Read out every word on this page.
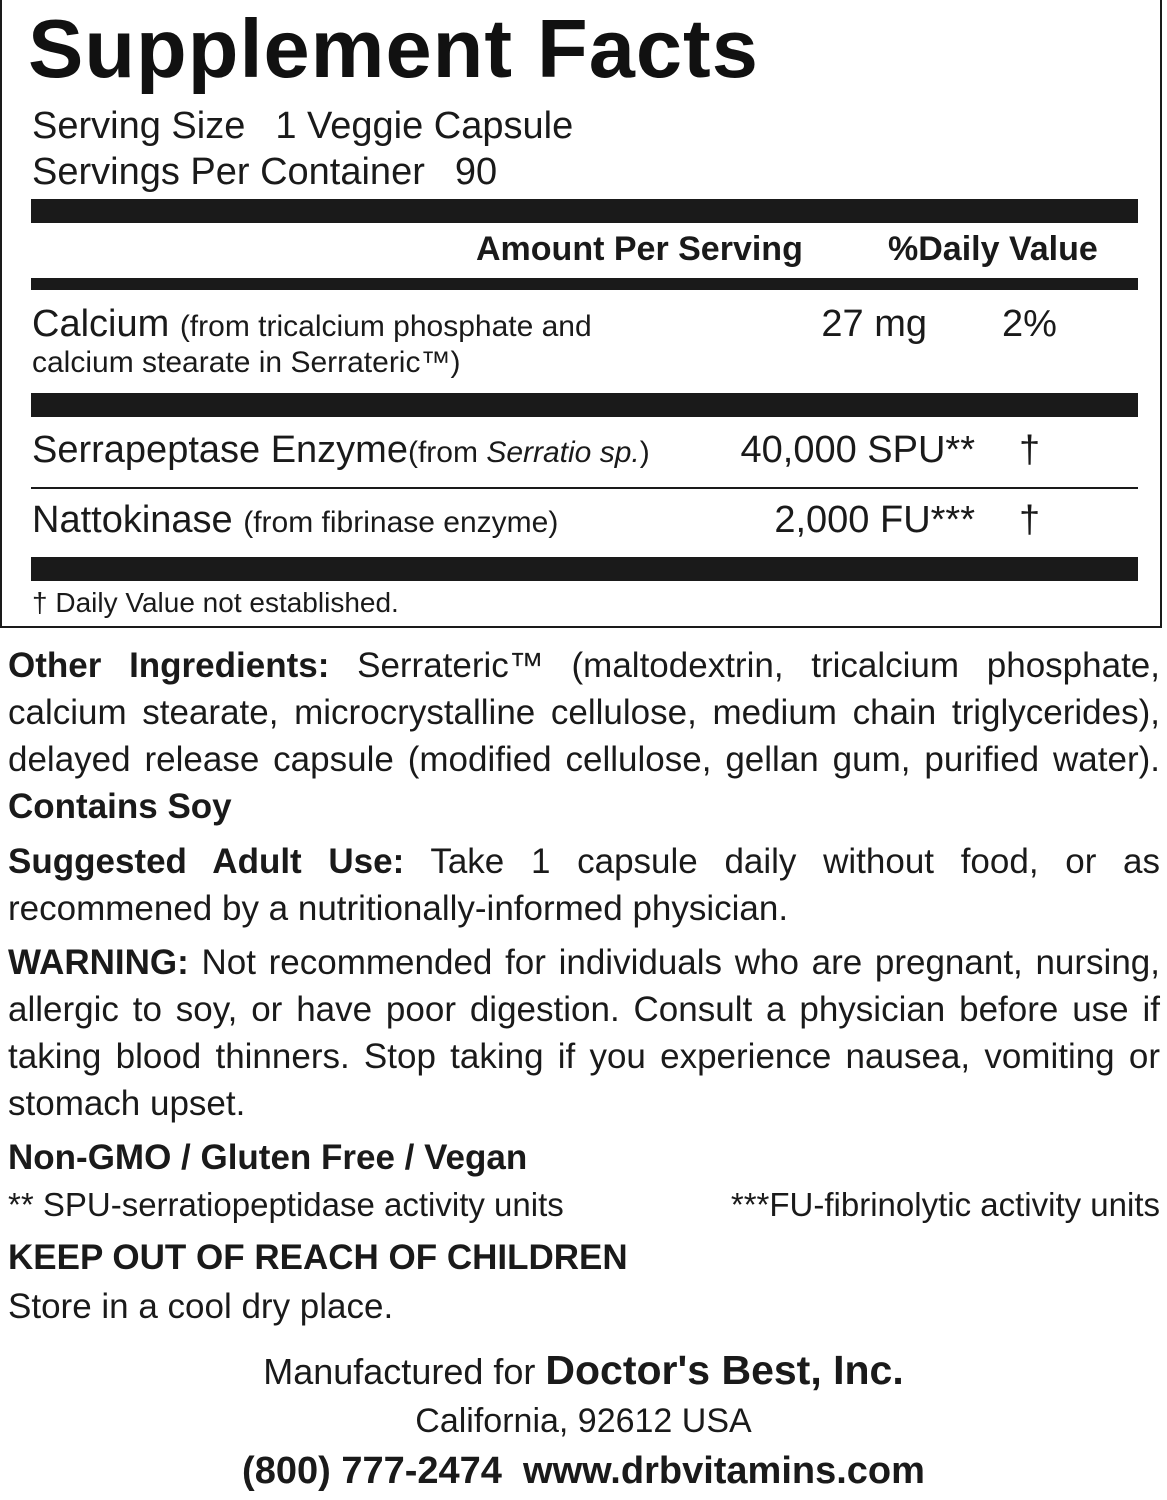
Supplement Facts
Serving Size 1 Veggie Capsule
Servings Per Container 90
Amount Per Serving	%Daily Value
Calcium (from tricalcium phosphate and
calcium stearate in Serrateric™)
27 mg 2%
Serrapeptase Enzyme(from Serratio sp.)	40,000 SPU** †
Nattokinase (from fibrinase enzyme)	2,000 FU*** †
† Daily Value not established.

Other Ingredients: Serrateric™ (maltodextrin, tricalcium phosphate, calcium stearate, microcrystalline cellulose, medium chain triglycerides), delayed release capsule (modified cellulose, gellan gum, purified water). Contains Soy

Suggested Adult Use: Take 1 capsule daily without food, or as recommened by a nutritionally-informed physician.

WARNING: Not recommended for individuals who are pregnant, nursing, allergic to soy, or have poor digestion. Consult a physician before use if taking blood thinners. Stop taking if you experience nausea, vomiting or stomach upset.

Non-GMO / Gluten Free / Vegan
** SPU-serratiopeptidase activity units	***FU-fibrinolytic activity units
KEEP OUT OF REACH OF CHILDREN
Store in a cool dry place.
Manufactured for Doctor's Best, Inc.
California, 92612 USA
(800) 777-2474 www.drbvitamins.com
